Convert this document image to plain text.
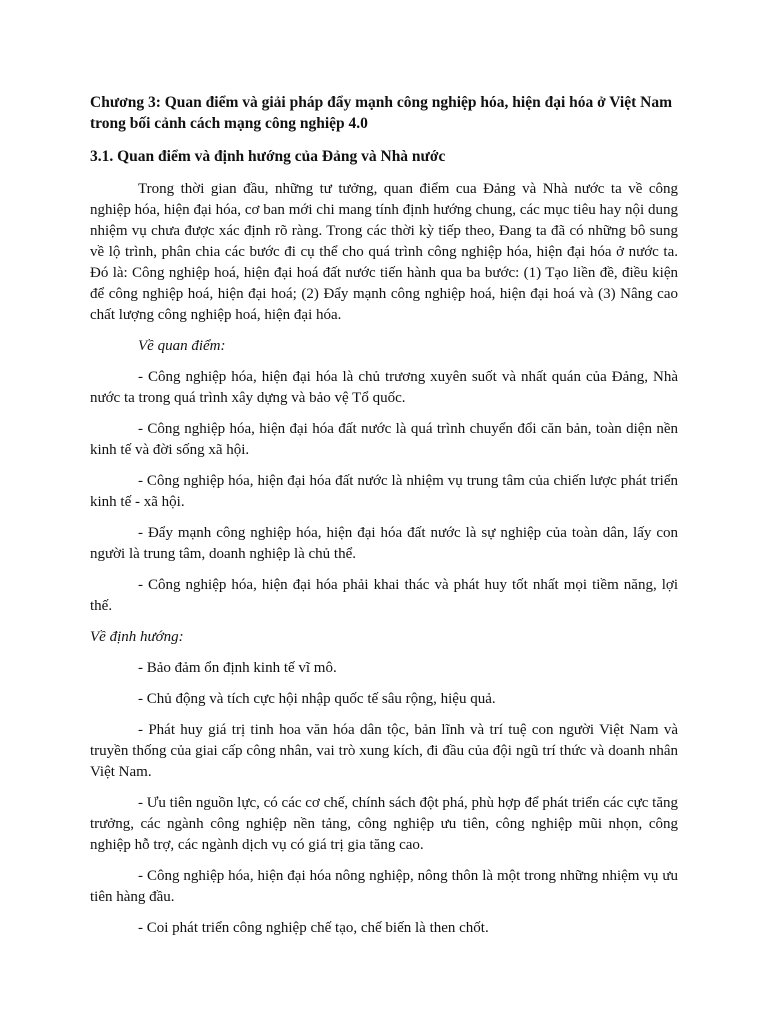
Chương 3: Quan điểm và giải pháp đẩy mạnh công nghiệp hóa, hiện đại hóa ở Việt Nam trong bối cảnh cách mạng công nghiệp 4.0
3.1. Quan điểm và định hướng của Đảng và Nhà nước

Trong thời gian đầu, những tư tưởng, quan điểm cua Đảng và Nhà nước ta về công nghiệp hóa, hiện đại hóa, cơ ban mới chi mang tính định hướng chung, các mục tiêu hay nội dung nhiệm vụ chưa được xác định rõ ràng. Trong các thời kỳ tiếp theo, Đang ta đã có những bô sung về lộ trình, phân chia các bước đi cụ thể cho quá trình công nghiệp hóa, hiện đại hóa ở nước ta. Đó là: Công nghiệp hoá, hiện đại hoá đất nước tiến hành qua ba bước: (1) Tạo liền đề, điều kiện để công nghiệp hoá, hiện đại hoá; (2) Đẩy mạnh công nghiệp hoá, hiện đại hoá và (3) Nâng cao chất lượng công nghiệp hoá, hiện đại hóa.

Về quan điểm:

- Công nghiệp hóa, hiện đại hóa là chủ trương xuyên suốt và nhất quán của Đảng, Nhà nước ta trong quá trình xây dựng và bảo vệ Tổ quốc.

- Công nghiệp hóa, hiện đại hóa đất nước là quá trình chuyển đổi căn bản, toàn diện nền kinh tế và đời sống xã hội.

- Công nghiệp hóa, hiện đại hóa đất nước là nhiệm vụ trung tâm của chiến lược phát triển kinh tế - xã hội.

- Đẩy mạnh công nghiệp hóa, hiện đại hóa đất nước là sự nghiệp của toàn dân, lấy con người là trung tâm, doanh nghiệp là chủ thể.

- Công nghiệp hóa, hiện đại hóa phải khai thác và phát huy tốt nhất mọi tiềm năng, lợi thế.

Về định hướng:

- Bảo đảm ổn định kinh tế vĩ mô.

- Chủ động và tích cực hội nhập quốc tế sâu rộng, hiệu quả.

- Phát huy giá trị tinh hoa văn hóa dân tộc, bản lĩnh và trí tuệ con người Việt Nam và truyền thống của giai cấp công nhân, vai trò xung kích, đi đầu của đội ngũ trí thức và doanh nhân Việt Nam.

- Ưu tiên nguồn lực, có các cơ chế, chính sách đột phá, phù hợp để phát triển các cực tăng trưởng, các ngành công nghiệp nền tảng, công nghiệp ưu tiên, công nghiệp mũi nhọn, công nghiệp hỗ trợ, các ngành dịch vụ có giá trị gia tăng cao.

- Công nghiệp hóa, hiện đại hóa nông nghiệp, nông thôn là một trong những nhiệm vụ ưu tiên hàng đầu.

- Coi phát triển công nghiệp chế tạo, chế biến là then chốt.
